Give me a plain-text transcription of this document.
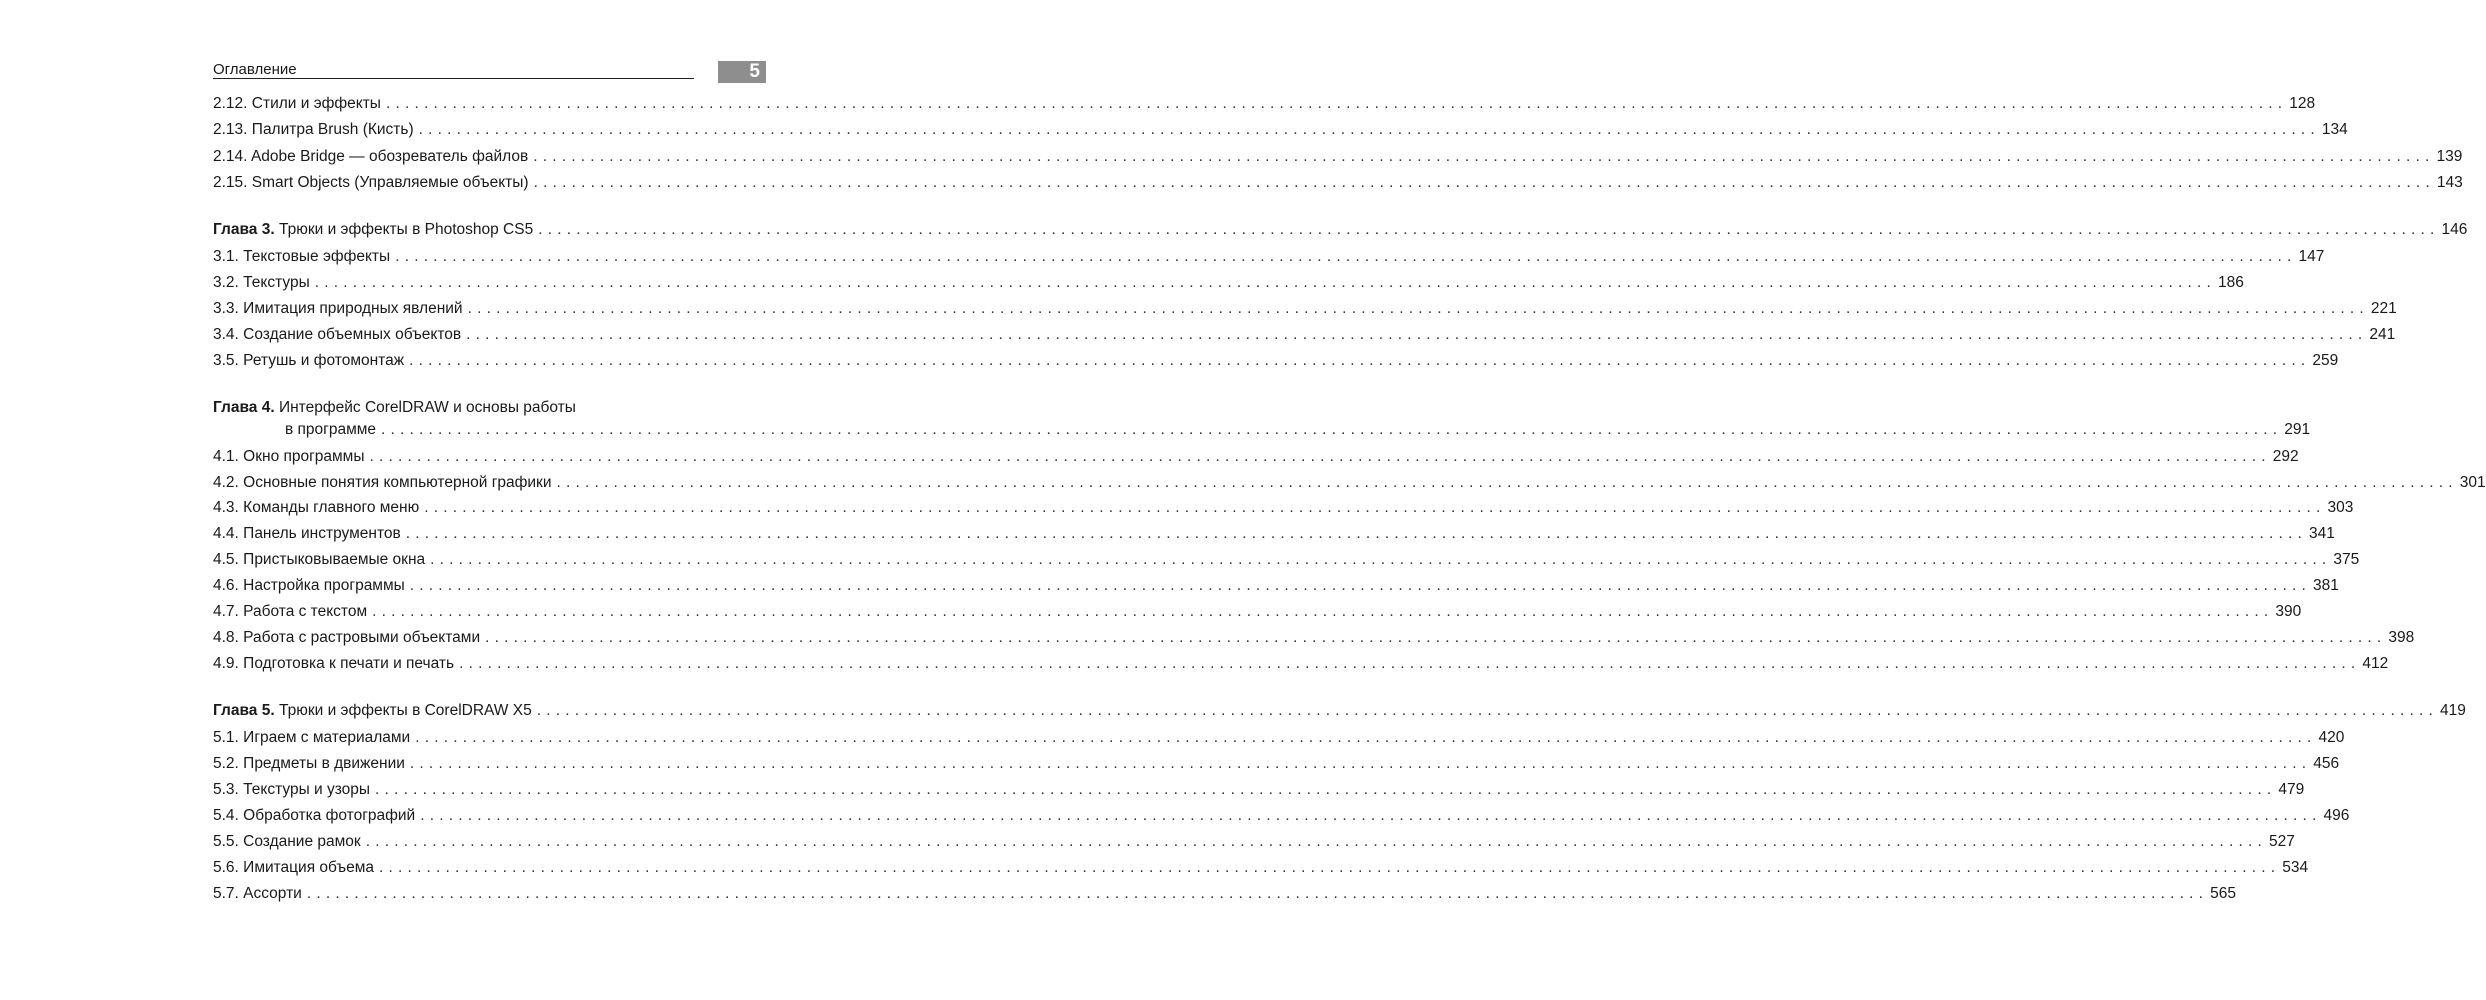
Оглавление	5
2.12. Стили и эффекты ........................................................................................................................................................................................................ 128
2.13. Палитра Brush (Кисть) ........................................................................................................................................................................................................ 134
2.14. Adobe Bridge — обозреватель файлов ........................................................................................................................................................................................................ 139
2.15. Smart Objects (Управляемые объекты) ........................................................................................................................................................................................................ 143
Глава 3. Трюки и эффекты в Photoshop CS5 ........................................................................................................................................................................................................ 146
3.1. Текстовые эффекты ........................................................................................................................................................................................................ 147
3.2. Текстуры ........................................................................................................................................................................................................ 186
3.3. Имитация природных явлений ........................................................................................................................................................................................................ 221
3.4. Создание объемных объектов ........................................................................................................................................................................................................ 241
3.5. Ретушь и фотомонтаж ........................................................................................................................................................................................................ 259
Глава 4. Интерфейс CorelDRAW и основы работы
в программе ........................................................................................................................................................................................................ 291
4.1. Окно программы ........................................................................................................................................................................................................ 292
4.2. Основные понятия компьютерной графики ........................................................................................................................................................................................................ 301
4.3. Команды главного меню ........................................................................................................................................................................................................ 303
4.4. Панель инструментов ........................................................................................................................................................................................................ 341
4.5. Пристыковываемые окна ........................................................................................................................................................................................................ 375
4.6. Настройка программы ........................................................................................................................................................................................................ 381
4.7. Работа с текстом ........................................................................................................................................................................................................ 390
4.8. Работа с растровыми объектами ........................................................................................................................................................................................................ 398
4.9. Подготовка к печати и печать ........................................................................................................................................................................................................ 412
Глава 5. Трюки и эффекты в CorelDRAW X5 ........................................................................................................................................................................................................ 419
5.1. Играем с материалами ........................................................................................................................................................................................................ 420
5.2. Предметы в движении ........................................................................................................................................................................................................ 456
5.3. Текстуры и узоры ........................................................................................................................................................................................................ 479
5.4. Обработка фотографий ........................................................................................................................................................................................................ 496
5.5. Создание рамок ........................................................................................................................................................................................................ 527
5.6. Имитация объема ........................................................................................................................................................................................................ 534
5.7. Ассорти ........................................................................................................................................................................................................ 565
